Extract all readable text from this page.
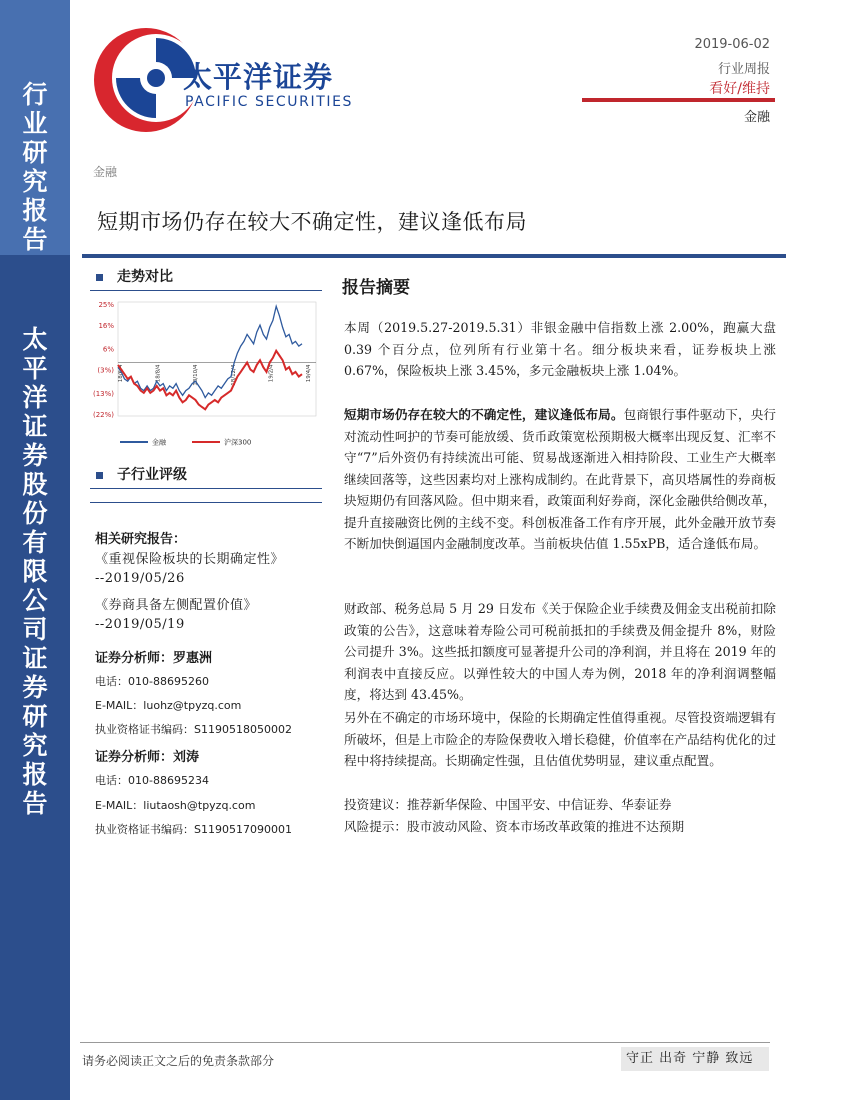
行业研究报告
太平洋证券股份有限公司证券研究报告
太平洋证券
PACIFIC SECURITIES
2019-06-02
行业周报
看好/维持
金融
金融
短期市场仍存在较大不确定性，建议逢低布局
走势对比
25%
16%
6%
(3%)
(13%)
(22%)
18/6/4	18/8/4	18/10/4	18/12/4	19/2/4	19/4/4
金融	沪深300
子行业评级
相关研究报告：
《重视保险板块的长期确定性》
--2019/05/26
《券商具备左侧配置价值》
--2019/05/19
证券分析师：罗惠洲
电话：010-88695260
E-MAIL：luohz@tpyzq.com
执业资格证书编码：S1190518050002
证券分析师：刘涛
电话：010-88695234
E-MAIL：liutaosh@tpyzq.com
执业资格证书编码：S1190517090001
报告摘要
本周（2019.5.27-2019.5.31）非银金融中信指数上涨 2.00%，跑赢大盘 0.39 个百分点，位列所有行业第十名。细分板块来看，证券板块上涨 0.67%，保险板块上涨 3.45%，多元金融板块上涨 1.04%。
短期市场仍存在较大的不确定性，建议逢低布局。包商银行事件驱动下，央行对流动性呵护的节奏可能放缓、货币政策宽松预期极大概率出现反复、汇率不守“7”后外资仍有持续流出可能、贸易战逐渐进入相持阶段、工业生产大概率继续回落等，这些因素均对上涨构成制约。在此背景下，高贝塔属性的券商板块短期仍有回落风险。但中期来看，政策面利好券商，深化金融供给侧改革，提升直接融资比例的主线不变。科创板准备工作有序开展，此外金融开放节奏不断加快倒逼国内金融制度改革。当前板块估值 1.55xPB，适合逢低布局。
财政部、税务总局 5 月 29 日发布《关于保险企业手续费及佣金支出税前扣除政策的公告》，这意味着寿险公司可税前抵扣的手续费及佣金提升 8%，财险公司提升 3%。这些抵扣额度可显著提升公司的净利润，并且将在 2019 年的利润表中直接反应。以弹性较大的中国人寿为例，2018 年的净利润调整幅度，将达到 43.45%。
另外在不确定的市场环境中，保险的长期确定性值得重视。尽管投资端逻辑有所破坏，但是上市险企的寿险保费收入增长稳健，价值率在产品结构优化的过程中将持续提高。长期确定性强，且估值优势明显，建议重点配置。
投资建议：推荐新华保险、中国平安、中信证券、华泰证券
风险提示：股市波动风险、资本市场改革政策的推进不达预期
请务必阅读正文之后的免责条款部分	守正 出奇 宁静 致远
